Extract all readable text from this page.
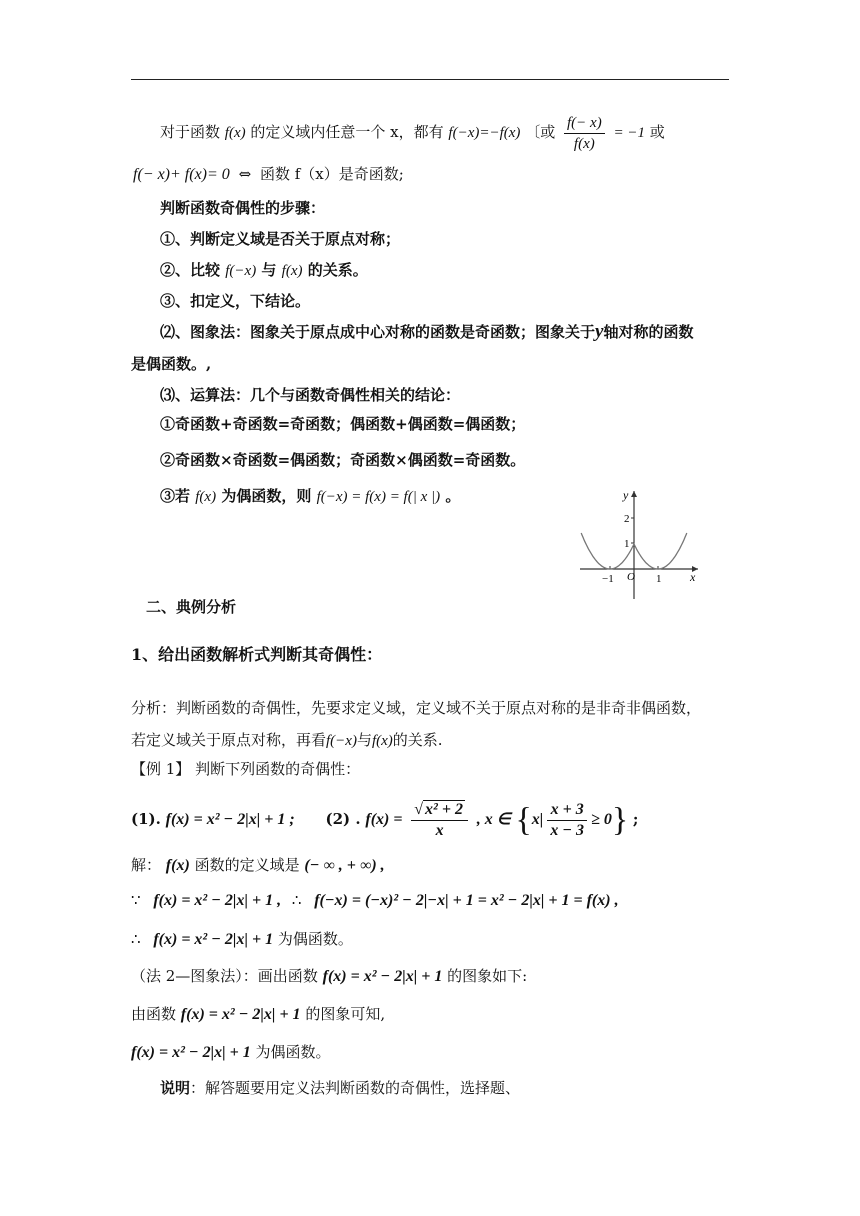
对于函数 f(x) 的定义域内任意一个 x，都有 f(−x)=−f(x) 〔或 $\frac{f(- x)}{f(x)} = -1$ 或
f(− x)+ f(x)= 0 ⇔ 函数 f（x）是奇函数;
判断函数奇偶性的步骤：
①、判断定义域是否关于原点对称；
②、比较 f(−x) 与 f(x) 的关系。
③、扣定义，下结论。
⑵、图象法：图象关于原点成中心对称的函数是奇函数；图象关于y轴对称的函数
是偶函数。,
⑶、运算法：几个与函数奇偶性相关的结论：
①奇函数+奇函数=奇函数；偶函数+偶函数=偶函数；
②奇函数×奇函数=偶函数；奇函数×偶函数=奇函数。
③若 f(x) 为偶函数，则 f(−x) = f(x) = f(| x |) 。	y
x
O
2
1
−1	1
二、典例分析
1、给出函数解析式判断其奇偶性：
分析：判断函数的奇偶性，先要求定义域，定义域不关于原点对称的是非奇非偶函数，
若定义域关于原点对称，再看f(−x)与f(x)的关系.
【例 1】 判断下列函数的奇偶性：
(1). f(x) = x² − 2|x| + 1 ; (2) . $f(x) = \frac{\text{√ x² + 2}}{x}$ , x ∈ $\{x| \frac{x + 3}{x - 3} \ge 0\}$ ;
解： f(x) 函数的定义域是 (− ∞ , + ∞) ,
∵ f(x) = x² − 2|x| + 1 , ∴ f(−x) = (−x)² − 2|−x| + 1 = x² − 2|x| + 1 = f(x) ,
∴ f(x) = x² − 2|x| + 1 为偶函数。
（法 2—图象法）：画出函数 f(x) = x² − 2|x| + 1 的图象如下:
由函数 f(x) = x² − 2|x| + 1 的图象可知,
f(x) = x² − 2|x| + 1 为偶函数。
说明：解答题要用定义法判断函数的奇偶性，选择题、
